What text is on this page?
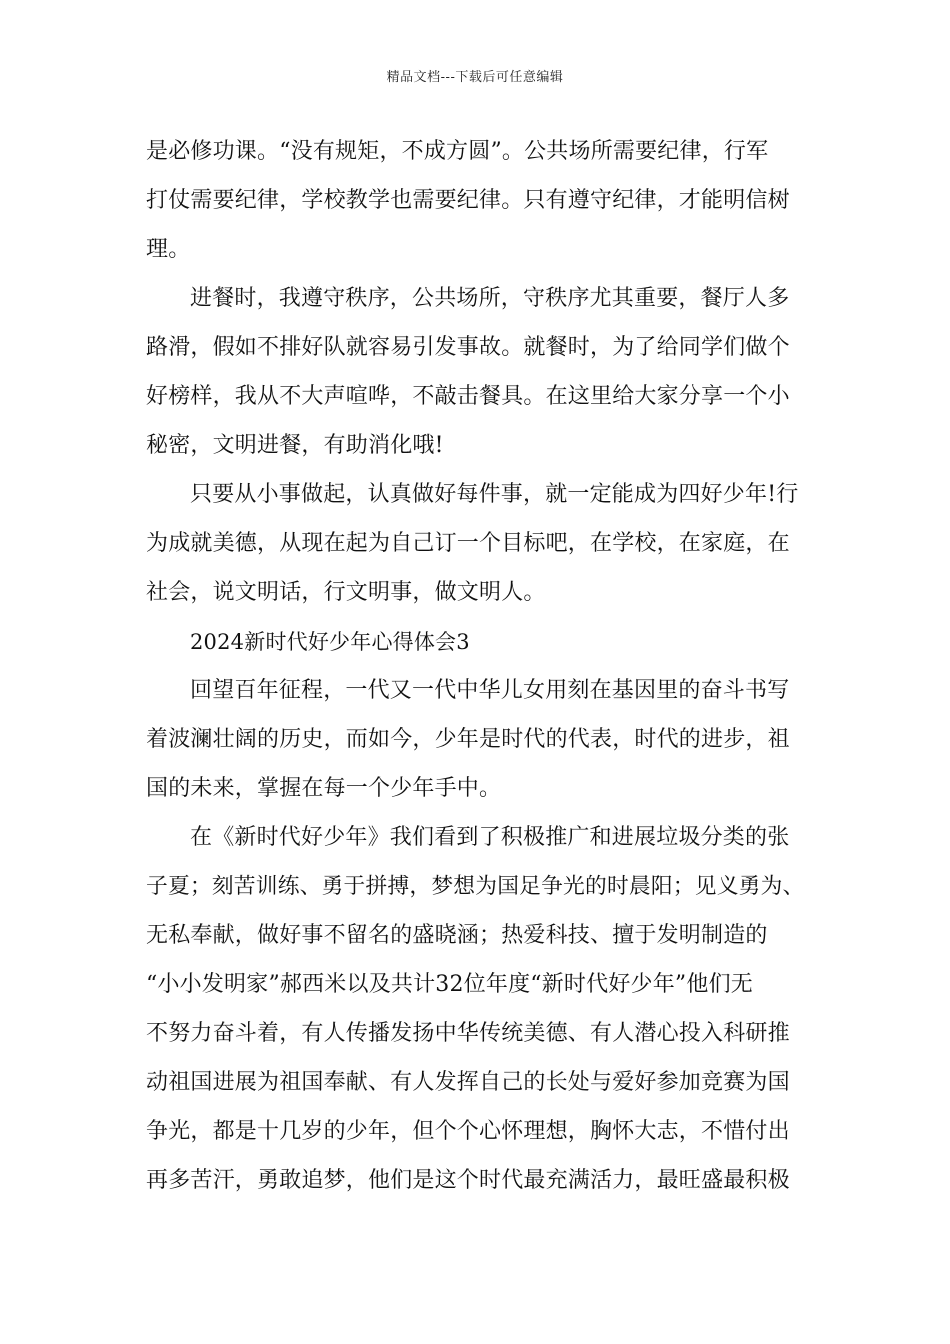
精品文档---下载后可任意编辑
是必修功课。“没有规矩，不成方圆”。公共场所需要纪律，行军
打仗需要纪律，学校教学也需要纪律。只有遵守纪律，才能明信树
理。
进餐时，我遵守秩序，公共场所，守秩序尤其重要，餐厅人多
路滑，假如不排好队就容易引发事故。就餐时，为了给同学们做个
好榜样，我从不大声喧哗，不敲击餐具。在这里给大家分享一个小
秘密，文明进餐，有助消化哦!
只要从小事做起，认真做好每件事，就一定能成为四好少年!行
为成就美德，从现在起为自己订一个目标吧，在学校，在家庭，在
社会，说文明话，行文明事，做文明人。
2024新时代好少年心得体会3
回望百年征程，一代又一代中华儿女用刻在基因里的奋斗书写
着波澜壮阔的历史，而如今，少年是时代的代表，时代的进步，祖
国的未来，掌握在每一个少年手中。
在《新时代好少年》我们看到了积极推广和进展垃圾分类的张
子夏；刻苦训练、勇于拼搏，梦想为国足争光的时晨阳；见义勇为、
无私奉献，做好事不留名的盛晓涵；热爱科技、擅于发明制造的
“小小发明家”郝西米以及共计32位年度“新时代好少年”他们无
不努力奋斗着，有人传播发扬中华传统美德、有人潜心投入科研推
动祖国进展为祖国奉献、有人发挥自己的长处与爱好参加竞赛为国
争光，都是十几岁的少年，但个个心怀理想，胸怀大志，不惜付出
再多苦汗，勇敢追梦，他们是这个时代最充满活力，最旺盛最积极
